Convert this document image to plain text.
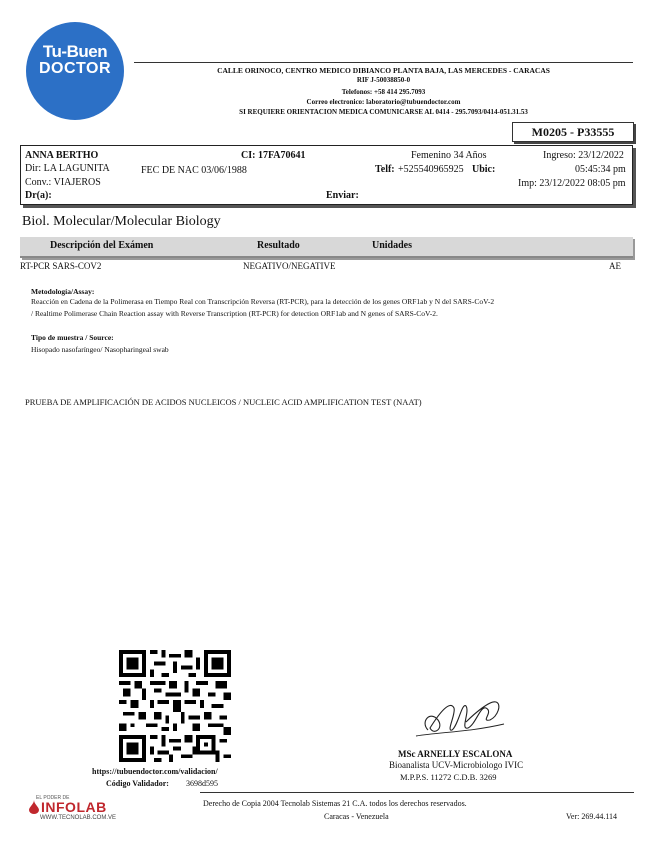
Tu-Buen
DOCTOR	CALLE ORINOCO, CENTRO MEDICO DIBIANCO PLANTA BAJA, LAS MERCEDES - CARACAS
RIF J-50038850-0
Telefonos: +58 414 295.7093
Correo electronico: laboratorio@tubuendoctor.com
SI REQUIERE ORIENTACION MEDICA COMUNICARSE AL 0414 - 295.7093/0414-051.31.53
M0205 - P33555
ANNA BERTHO	CI: 17FA70641	Femenino 34 Años	Ingreso: 23/12/2022
Dir: LA LAGUNITA	FEC DE NAC 03/06/1988	Telf: +525540965925 Ubic:	05:45:34 pm
Conv.: VIAJEROS	Imp: 23/12/2022 08:05 pm
Dr(a):	Enviar:
Biol. Molecular/Molecular Biology
Descripción del Exámen	Resultado	Unidades
RT-PCR SARS-COV2	NEGATIVO/NEGATIVE	AE
Metodología/Assay:
Reacción en Cadena de la Polimerasa en Tiempo Real con Transcripción Reversa (RT-PCR), para la detección de los genes ORF1ab y N del SARS-CoV-2
/ Realtime Polimerase Chain Reaction assay with Reverse Transcription (RT-PCR) for detection ORF1ab and N genes of SARS-CoV-2.
Tipo de muestra / Source:
Hisopado nasofaríngeo/ Nasopharingeal swab
PRUEBA DE AMPLIFICACIÓN DE ACIDOS NUCLEICOS / NUCLEIC ACID AMPLIFICATION TEST (NAAT)
https://tubuendoctor.com/validacion/
Código Validador: 3698d595
MSc ARNELLY ESCALONA
Bioanalista UCV-Microbiologo IVIC
M.P.P.S. 11272 C.D.B. 3269
EL PODER DE
INFOLAB
WWW.TECNOLAB.COM.VE
Derecho de Copia 2004 Tecnolab Sistemas 21 C.A. todos los derechos reservados.
Caracas - Venezuela	Ver: 269.44.114
